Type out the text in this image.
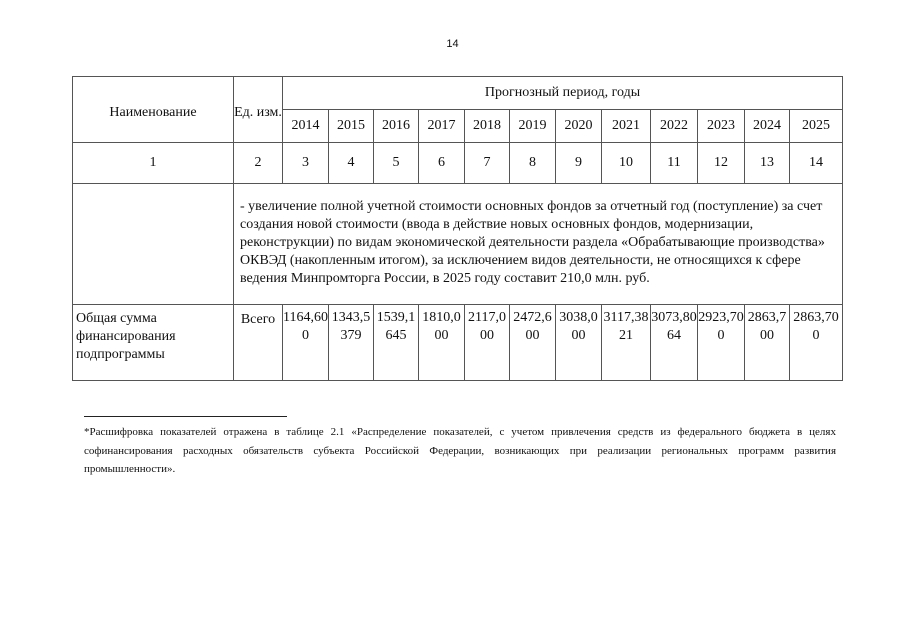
14
Наименование	Ед. изм.	Прогнозный период, годы											
		2014	2015	2016	2017	2018	2019	2020	2021	2022	2023	2024	2025
1	2	3	4	5	6	7	8	9	10	11	12	13	14
	- увеличение полной учетной стоимости основных фондов за отчетный год (поступление) за счет создания новой стоимости (ввода в действие новых основных фондов, модернизации, реконструкции) по видам экономической деятельности раздела «Обрабатывающие производства» ОКВЭД (накопленным итогом), за исключением видов деятельности, не относящихся к сфере ведения Минпромторга России, в 2025 году составит 210,0 млн. руб.												
Общая сумма финансирования подпрограммы	Всего	1164,600	1343,5379	1539,1645	1810,000	2117,000	2472,600	3038,000	3117,3821	3073,8064	2923,700	2863,700	2863,700
*Расшифровка показателей отражена в таблице 2.1 «Распределение показателей, с учетом привлечения средств из федерального бюджета в целях софинансирования расходных обязательств субъекта Российской Федерации, возникающих при реализации региональных программ развития промышленности».
